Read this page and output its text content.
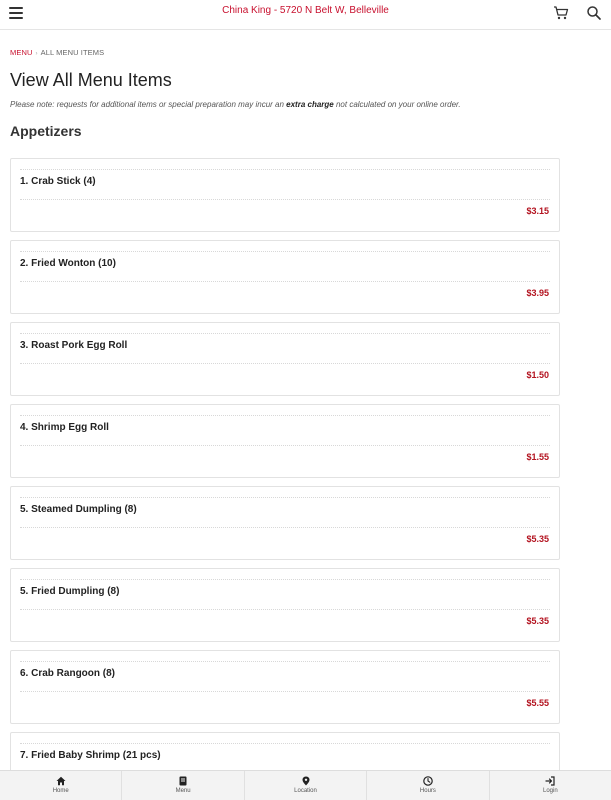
China King - 5720 N Belt W, Belleville
MENU › ALL MENU ITEMS
View All Menu Items

Please note: requests for additional items or special preparation may incur an extra charge not calculated on your online order.

Appetizers
1. Crab Stick (4)
$3.15
2. Fried Wonton (10)
$3.95
3. Roast Pork Egg Roll
$1.50
4. Shrimp Egg Roll
$1.55
5. Steamed Dumpling (8)
$5.35
5. Fried Dumpling (8)
$5.35
6. Crab Rangoon (8)
$5.55
7. Fried Baby Shrimp (21 pcs)
Home	Menu	Location	Hours	Login
